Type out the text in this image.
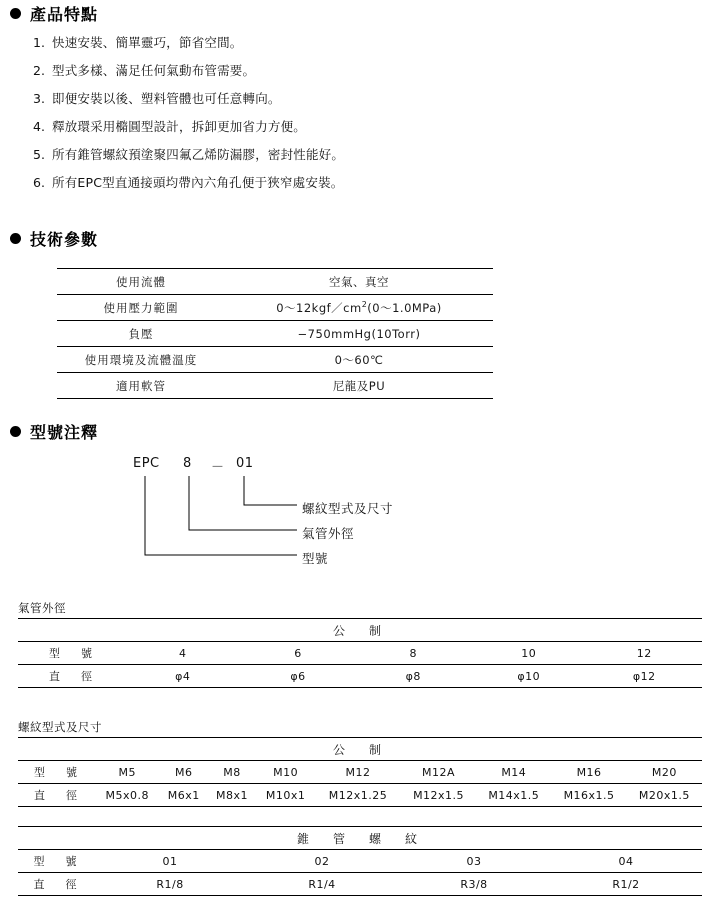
產品特點
1. 快速安裝、簡單靈巧，節省空間。
2. 型式多樣、滿足任何氣動布管需要。
3. 即便安裝以後、塑料管體也可任意轉向。
4. 釋放環采用橢圓型設計，拆卸更加省力方便。
5. 所有錐管螺紋預塗聚四氟乙烯防漏膠，密封性能好。
6. 所有EPC型直通接頭均帶內六角孔便于狹窄處安裝。
技術參數
使用流體	空氣、真空
使用壓力範圍	$0\sim 12kgf/cm^2(0\sim 1.0MPa)$
負壓	−750mmHg(10Torr)
使用環境及流體溫度	0～60℃
適用軟管	尼龍及PU
型號注釋
EPC 8 － 01
螺紋型式及尺寸
氣管外徑
型號
氣管外徑
公　制					
型　號	4	6	8	10	12
直　徑	φ4	φ6	φ8	φ10	φ12
螺紋型式及尺寸
公　制									
型　號	M5	M6	M8	M10	M12	M12A	M14	M16	M20
直　徑	M5x0.8	M6x1	M8x1	M10x1	M12x1.25	M12x1.5	M14x1.5	M16x1.5	M20x1.5
錐　管　螺　紋				
型　號	01	02	03	04
直　徑	R1/8	R1/4	R3/8	R1/2
